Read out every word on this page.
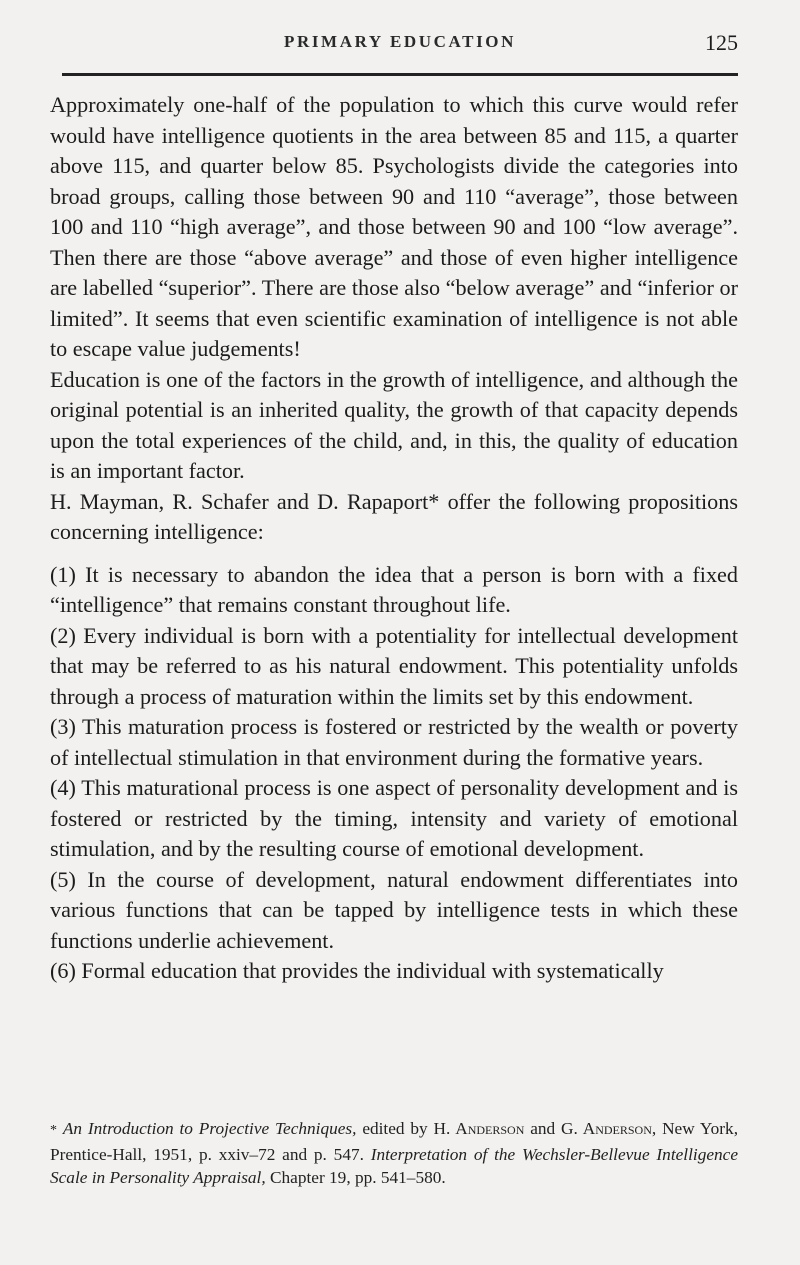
PRIMARY EDUCATION	125

Approximately one-half of the population to which this curve would refer would have intelligence quotients in the area between 85 and 115, a quarter above 115, and quarter below 85. Psychologists divide the categories into broad groups, calling those between 90 and 110 “average”, those between 100 and 110 “high average”, and those between 90 and 100 “low average”. Then there are those “above average” and those of even higher intelligence are labelled “superior”. There are those also “below average” and “inferior or limited”. It seems that even scientific examination of intelligence is not able to escape value judgements!

Education is one of the factors in the growth of intelligence, and although the original potential is an inherited quality, the growth of that capacity depends upon the total experiences of the child, and, in this, the quality of education is an important factor.

H. Mayman, R. Schafer and D. Rapaport* offer the following propositions concerning intelligence:

(1) It is necessary to abandon the idea that a person is born with a fixed “intelligence” that remains constant throughout life.

(2) Every individual is born with a potentiality for intellectual development that may be referred to as his natural endowment. This potentiality unfolds through a process of maturation within the limits set by this endowment.

(3) This maturation process is fostered or restricted by the wealth or poverty of intellectual stimulation in that environment during the formative years.

(4) This maturational process is one aspect of personality development and is fostered or restricted by the timing, intensity and variety of emotional stimulation, and by the resulting course of emotional development.

(5) In the course of development, natural endowment differentiates into various functions that can be tapped by intelligence tests in which these functions underlie achievement.

(6) Formal education that provides the individual with systematically

* An Introduction to Projective Techniques, edited by H. Anderson and G. Anderson, New York, Prentice-Hall, 1951, p. xxiv–72 and p. 547. Interpretation of the Wechsler-Bellevue Intelligence Scale in Personality Appraisal, Chapter 19, pp. 541–580.
